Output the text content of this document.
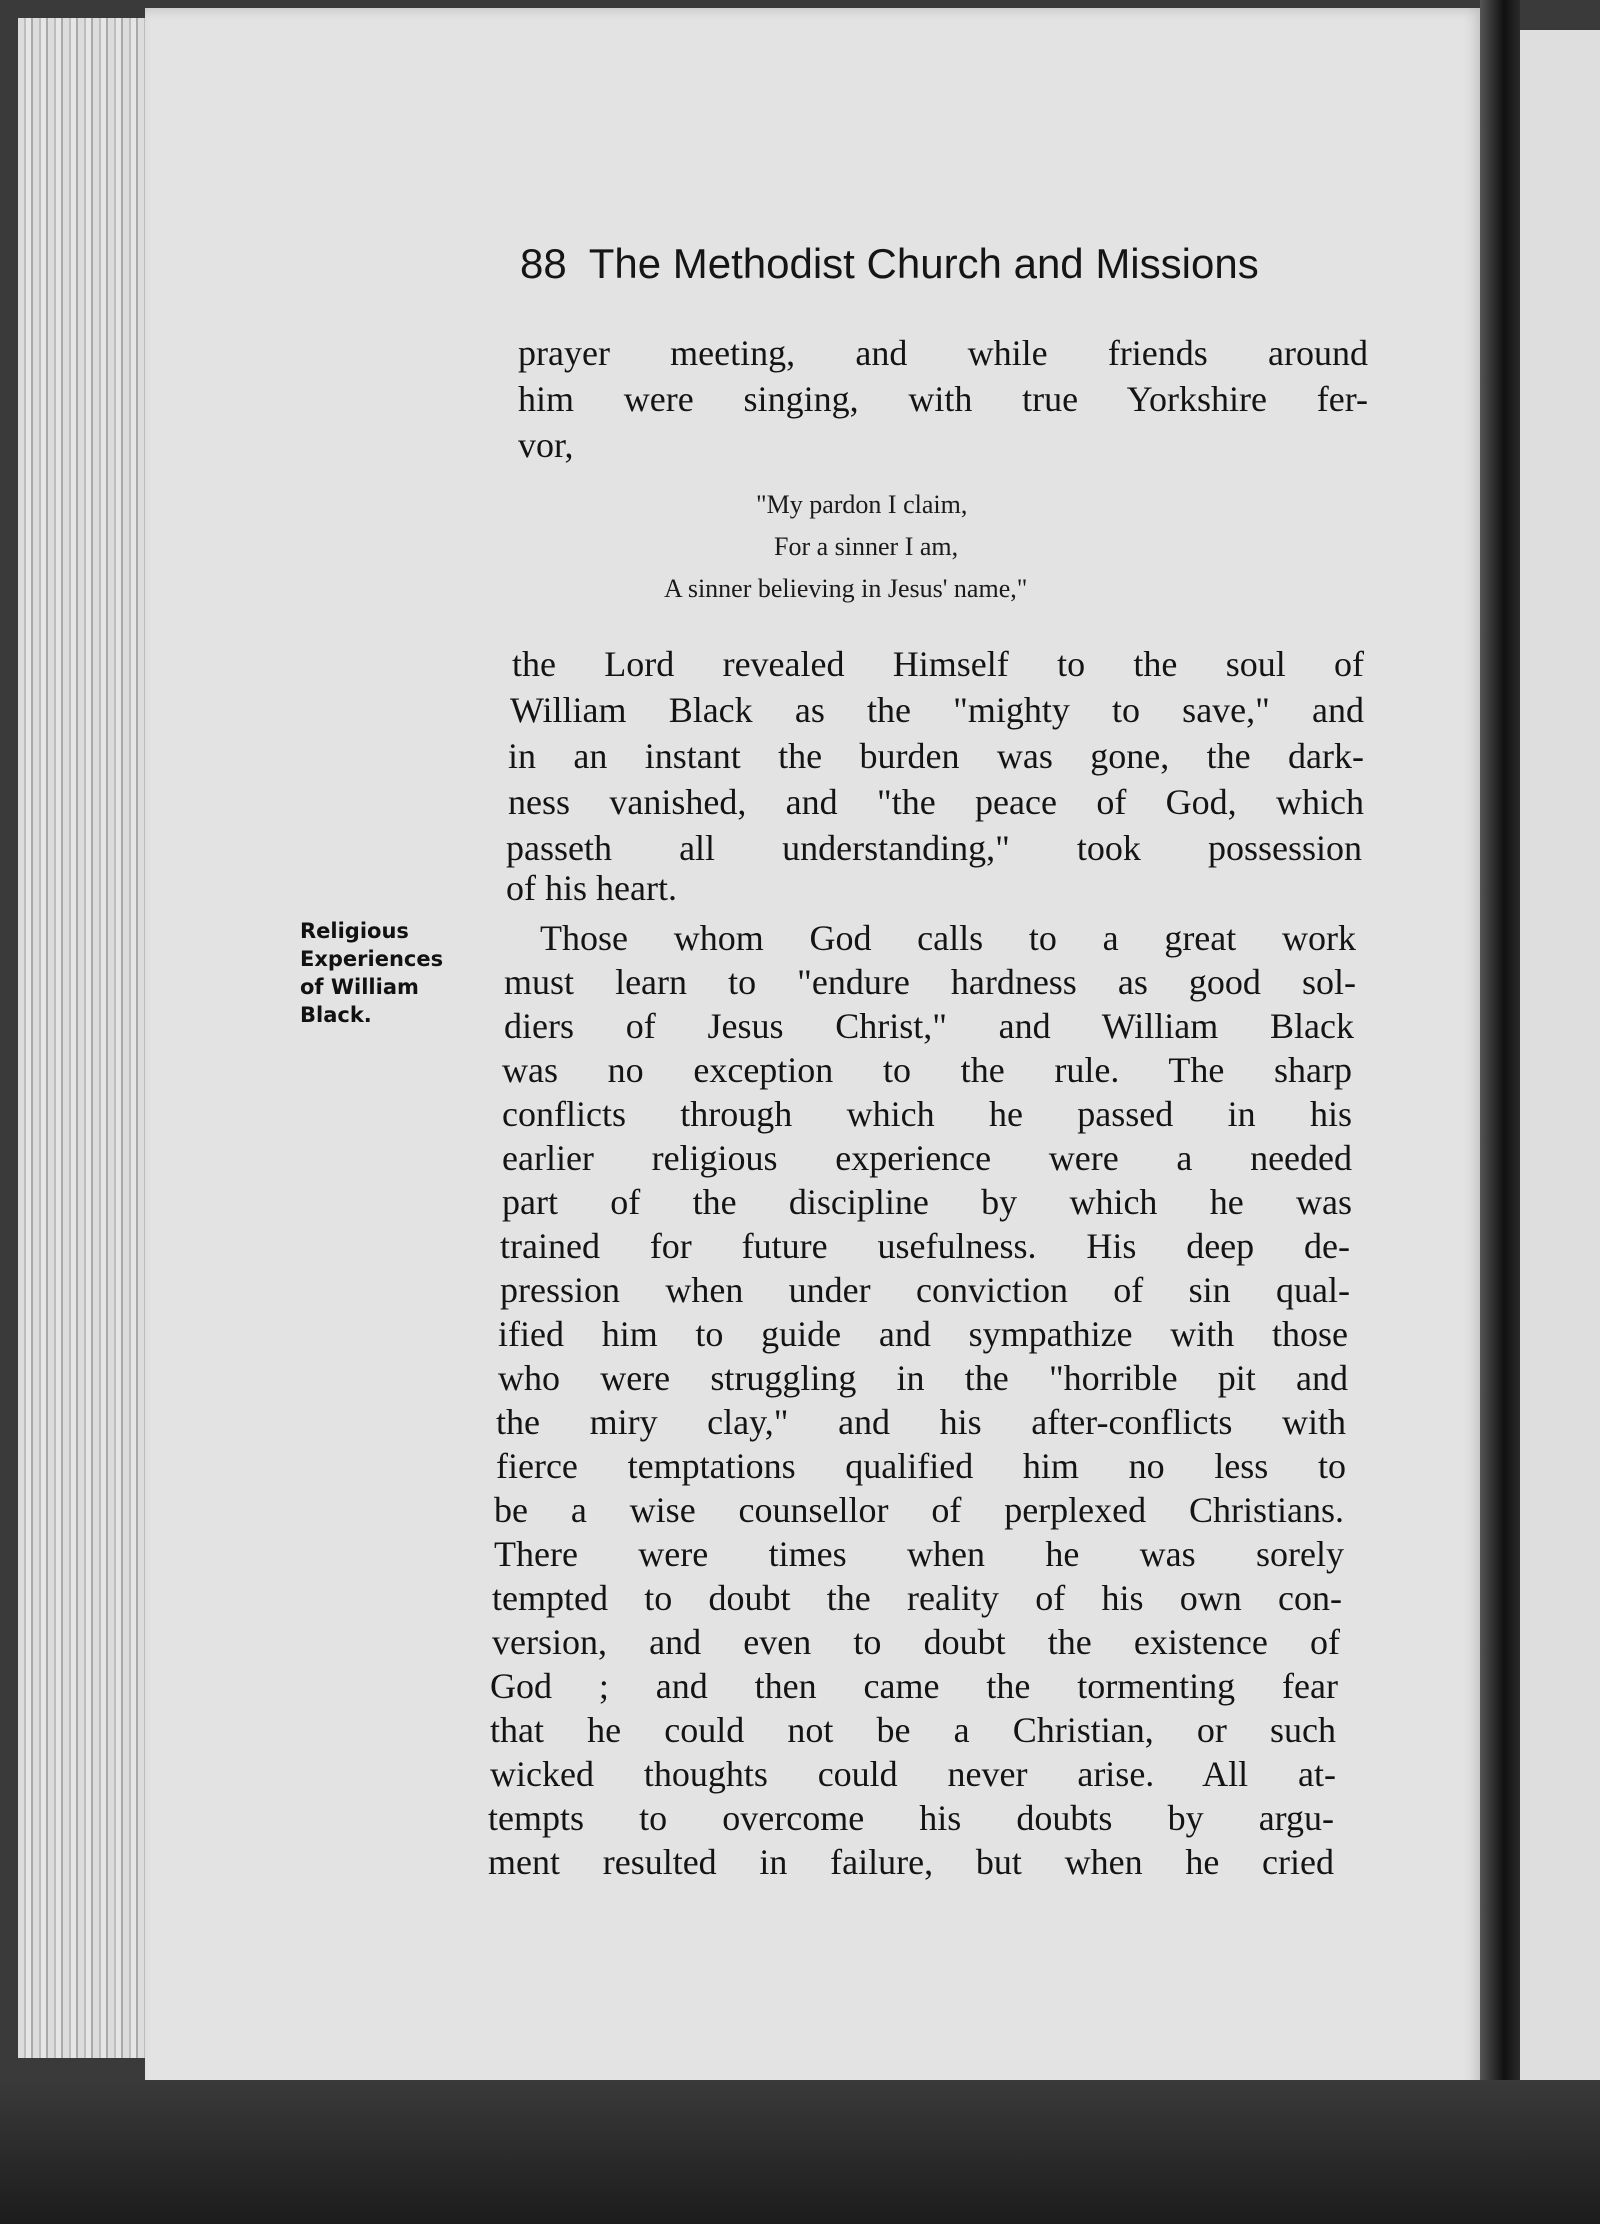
88 The Methodist Church and Missions
prayer meeting, and while friends around
him were singing, with true Yorkshire fer-
vor,
"My pardon I claim,
For a sinner I am,
A sinner believing in Jesus' name,"
the Lord revealed Himself to the soul of
William Black as the "mighty to save," and
in an instant the burden was gone, the dark-
ness vanished, and "the peace of God, which
passeth all understanding," took possession
of his heart.
Religious
Experiences
of William
Black.
Those whom God calls to a great work
must learn to "endure hardness as good sol-
diers of Jesus Christ," and William Black
was no exception to the rule. The sharp
conflicts through which he passed in his
earlier religious experience were a needed
part of the discipline by which he was
trained for future usefulness. His deep de-
pression when under conviction of sin qual-
ified him to guide and sympathize with those
who were struggling in the "horrible pit and
the miry clay," and his after-conflicts with
fierce temptations qualified him no less to
be a wise counsellor of perplexed Christians.
There were times when he was sorely
tempted to doubt the reality of his own con-
version, and even to doubt the existence of
God ; and then came the tormenting fear
that he could not be a Christian, or such
wicked thoughts could never arise. All at-
tempts to overcome his doubts by argu-
ment resulted in failure, but when he cried
